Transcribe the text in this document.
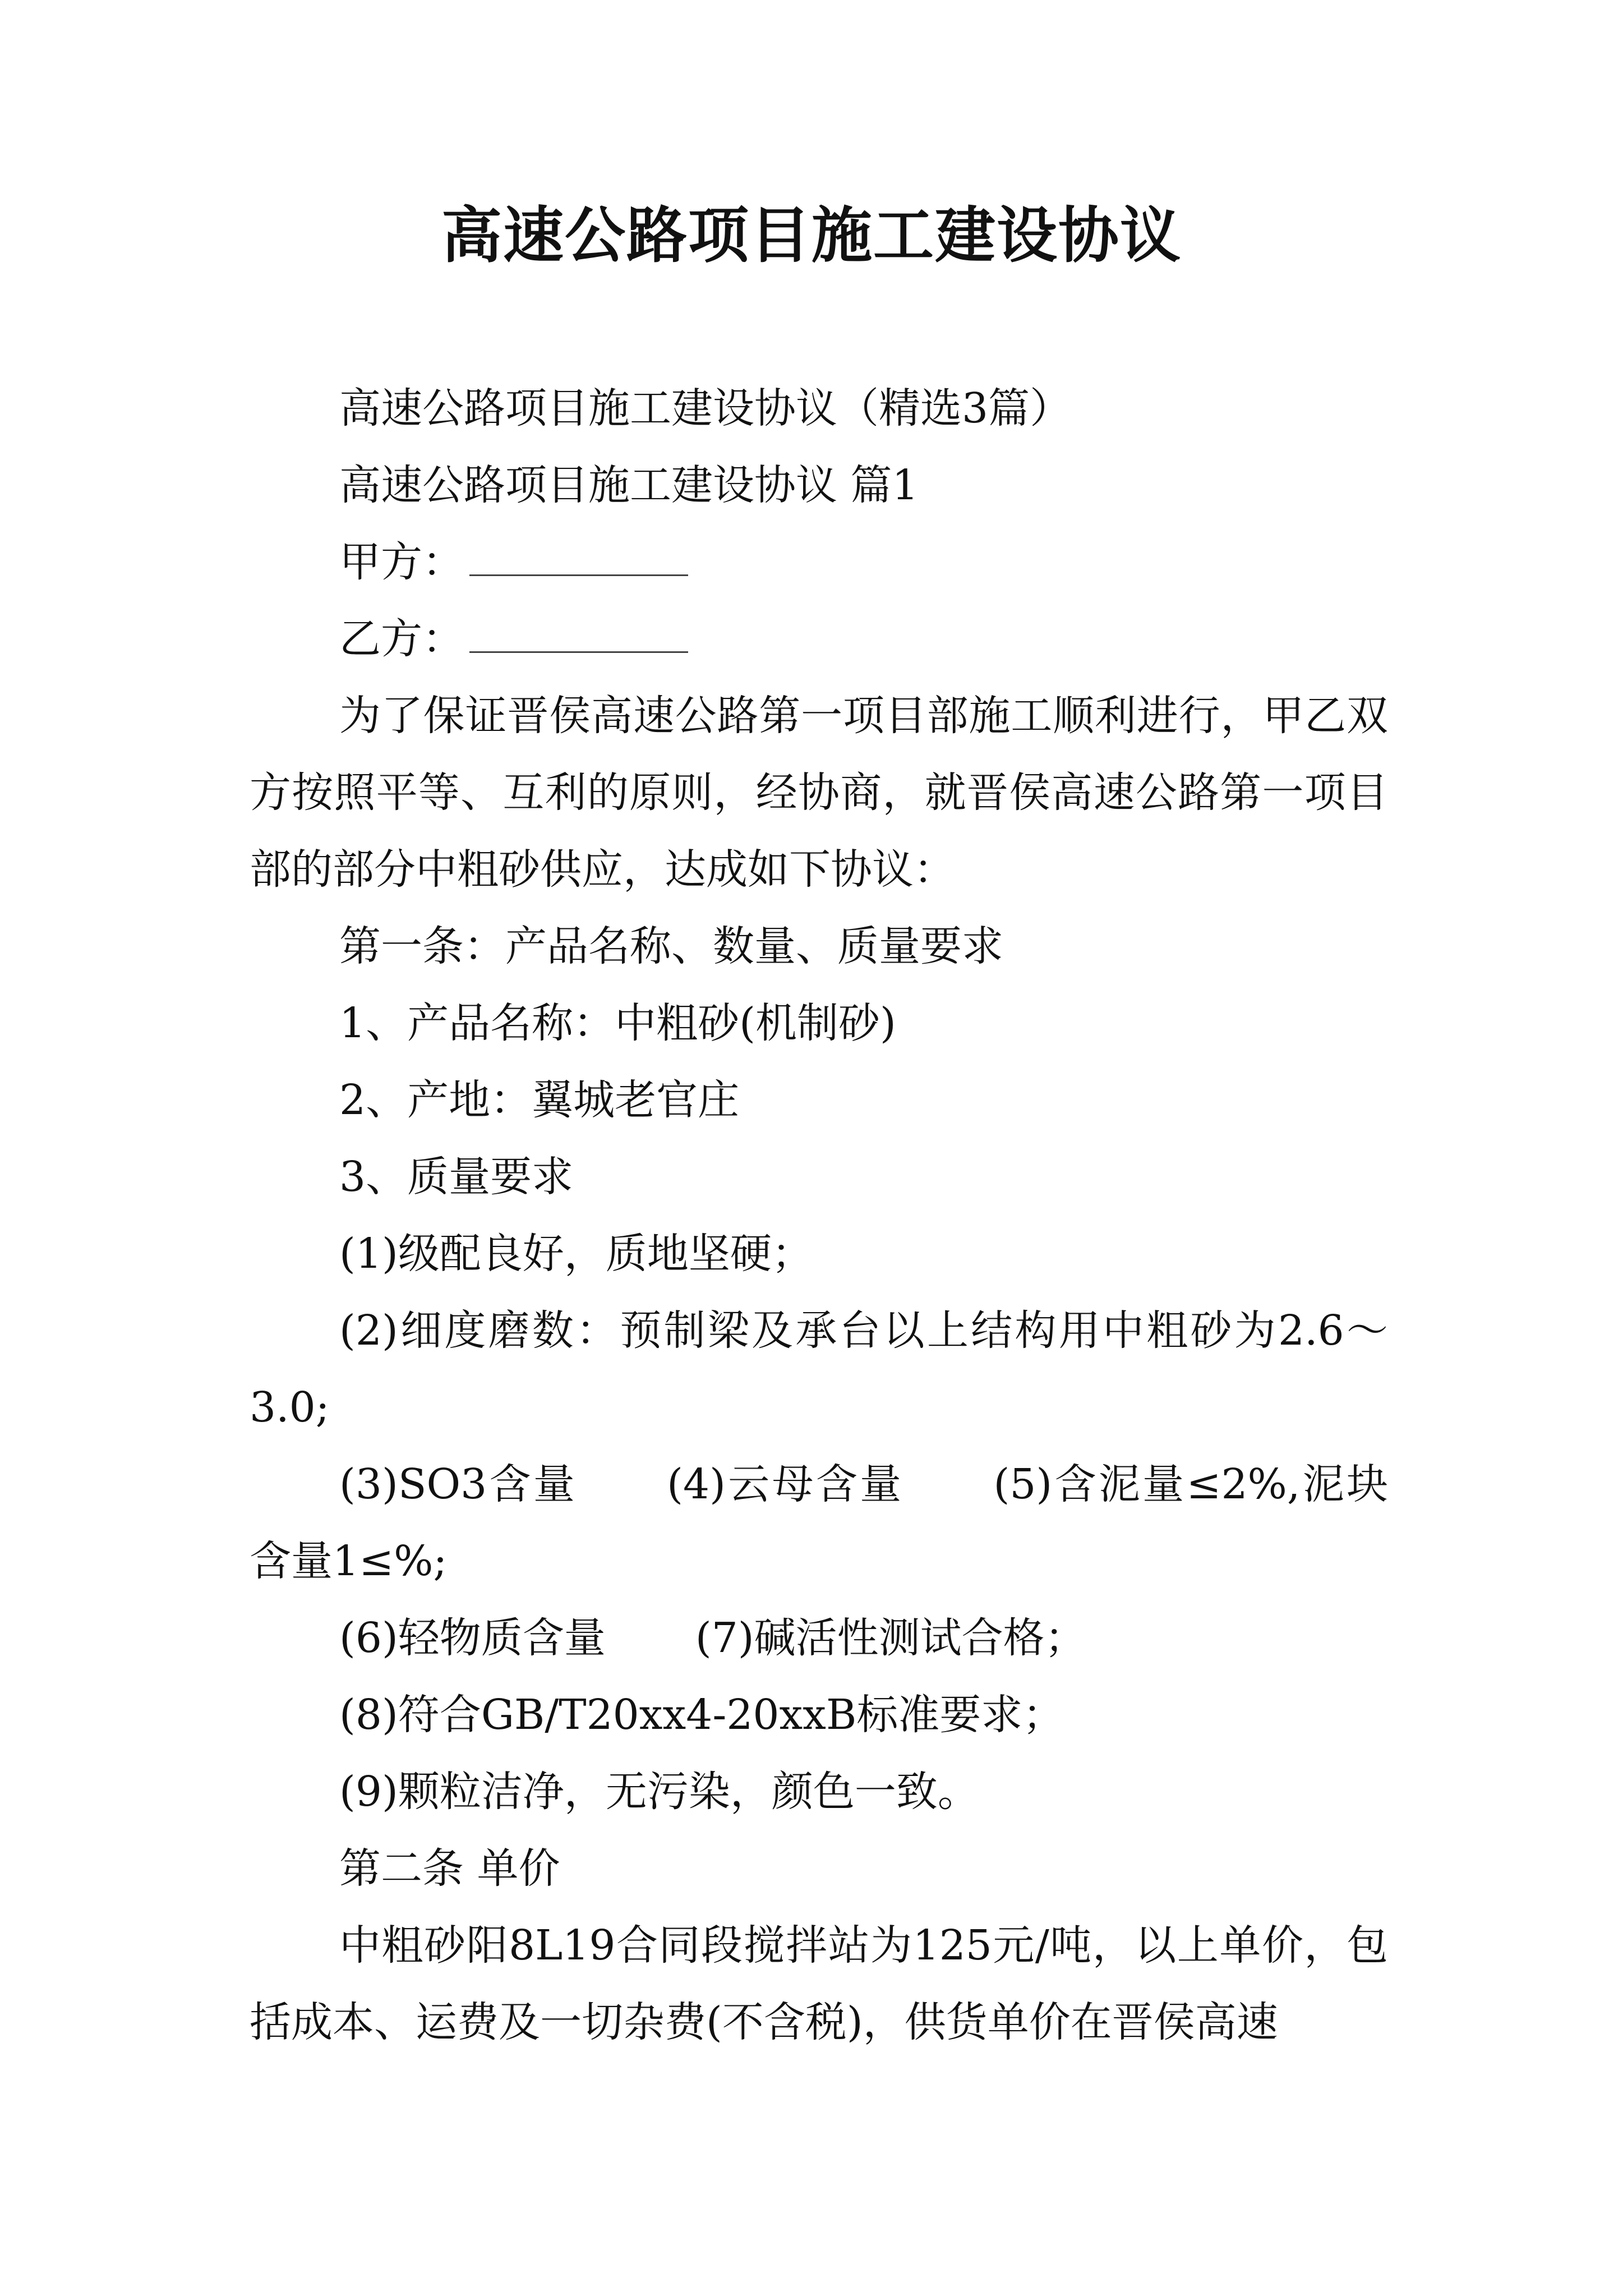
高速公路项目施工建设协议

高速公路项目施工建设协议（精选3篇）

高速公路项目施工建设协议 篇1

甲方：

乙方：

为了保证晋侯高速公路第一项目部施工顺利进行，甲乙双方按照平等、互利的原则，经协商，就晋侯高速公路第一项目部的部分中粗砂供应，达成如下协议：

第一条：产品名称、数量、质量要求

1、产品名称：中粗砂(机制砂)

2、产地：翼城老官庄

3、质量要求

(1)级配良好，质地坚硬；

(2)细度磨数：预制梁及承台以上结构用中粗砂为2.6～3.0;

(3)SO3含量 (4)云母含量 (5)含泥量≤2%,泥块含量1≤%;

(6)轻物质含量 (7)碱活性测试合格；

(8)符合GB/T20xx4-20xxB标准要求；

(9)颗粒洁净，无污染，颜色一致。

第二条 单价

中粗砂阳8L19合同段搅拌站为125元/吨，以上单价，包括成本、运费及一切杂费(不含税)，供货单价在晋侯高速
